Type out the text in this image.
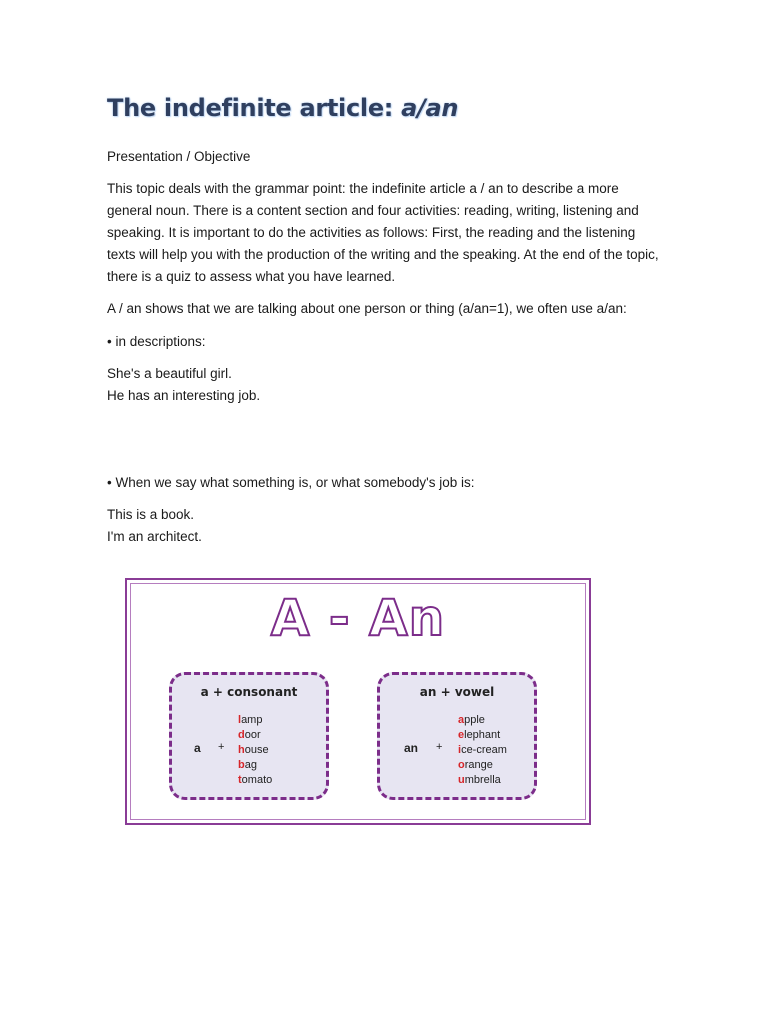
The indefinite article: a/an

Presentation / Objective

This topic deals with the grammar point: the indefinite article a / an to describe a more general noun. There is a content section and four activities: reading, writing, listening and speaking. It is important to do the activities as follows: First, the reading and the listening texts will help you with the production of the writing and the speaking. At the end of the topic, there is a quiz to assess what you have learned.

A / an shows that we are talking about one person or thing (a/an=1), we often use a/an:

• in descriptions:

She's a beautiful girl.

He has an interesting job.

• When we say what something is, or what somebody's job is:

This is a book.

I'm an architect.

A - An
a + consonant
a +
lamp
door
house
bag
tomato
an + vowel
an +
apple
elephant
ice-cream
orange
umbrella
